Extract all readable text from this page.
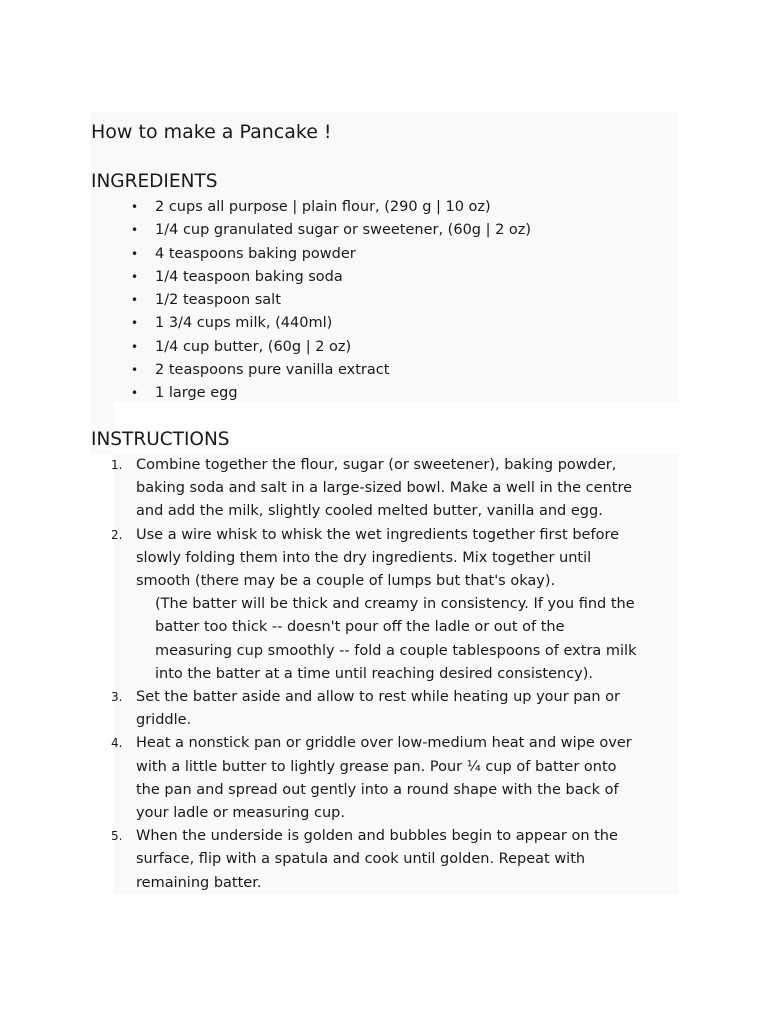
How to make a Pancake !
INGREDIENTS
• 2 cups all purpose | plain flour, (290 g | 10 oz)
• 1/4 cup granulated sugar or sweetener, (60g | 2 oz)
• 4 teaspoons baking powder
• 1/4 teaspoon baking soda
• 1/2 teaspoon salt
• 1 3/4 cups milk, (440ml)
• 1/4 cup butter, (60g | 2 oz)
• 2 teaspoons pure vanilla extract
• 1 large egg
INSTRUCTIONS
1. Combine together the flour, sugar (or sweetener), baking powder,
baking soda and salt in a large-sized bowl. Make a well in the centre
and add the milk, slightly cooled melted butter, vanilla and egg.
2. Use a wire whisk to whisk the wet ingredients together first before
slowly folding them into the dry ingredients. Mix together until
smooth (there may be a couple of lumps but that's okay).
(The batter will be thick and creamy in consistency. If you find the
batter too thick -- doesn't pour off the ladle or out of the
measuring cup smoothly -- fold a couple tablespoons of extra milk
into the batter at a time until reaching desired consistency).
3. Set the batter aside and allow to rest while heating up your pan or
griddle.
4. Heat a nonstick pan or griddle over low-medium heat and wipe over
with a little butter to lightly grease pan. Pour ¼ cup of batter onto
the pan and spread out gently into a round shape with the back of
your ladle or measuring cup.
5. When the underside is golden and bubbles begin to appear on the
surface, flip with a spatula and cook until golden. Repeat with
remaining batter.
